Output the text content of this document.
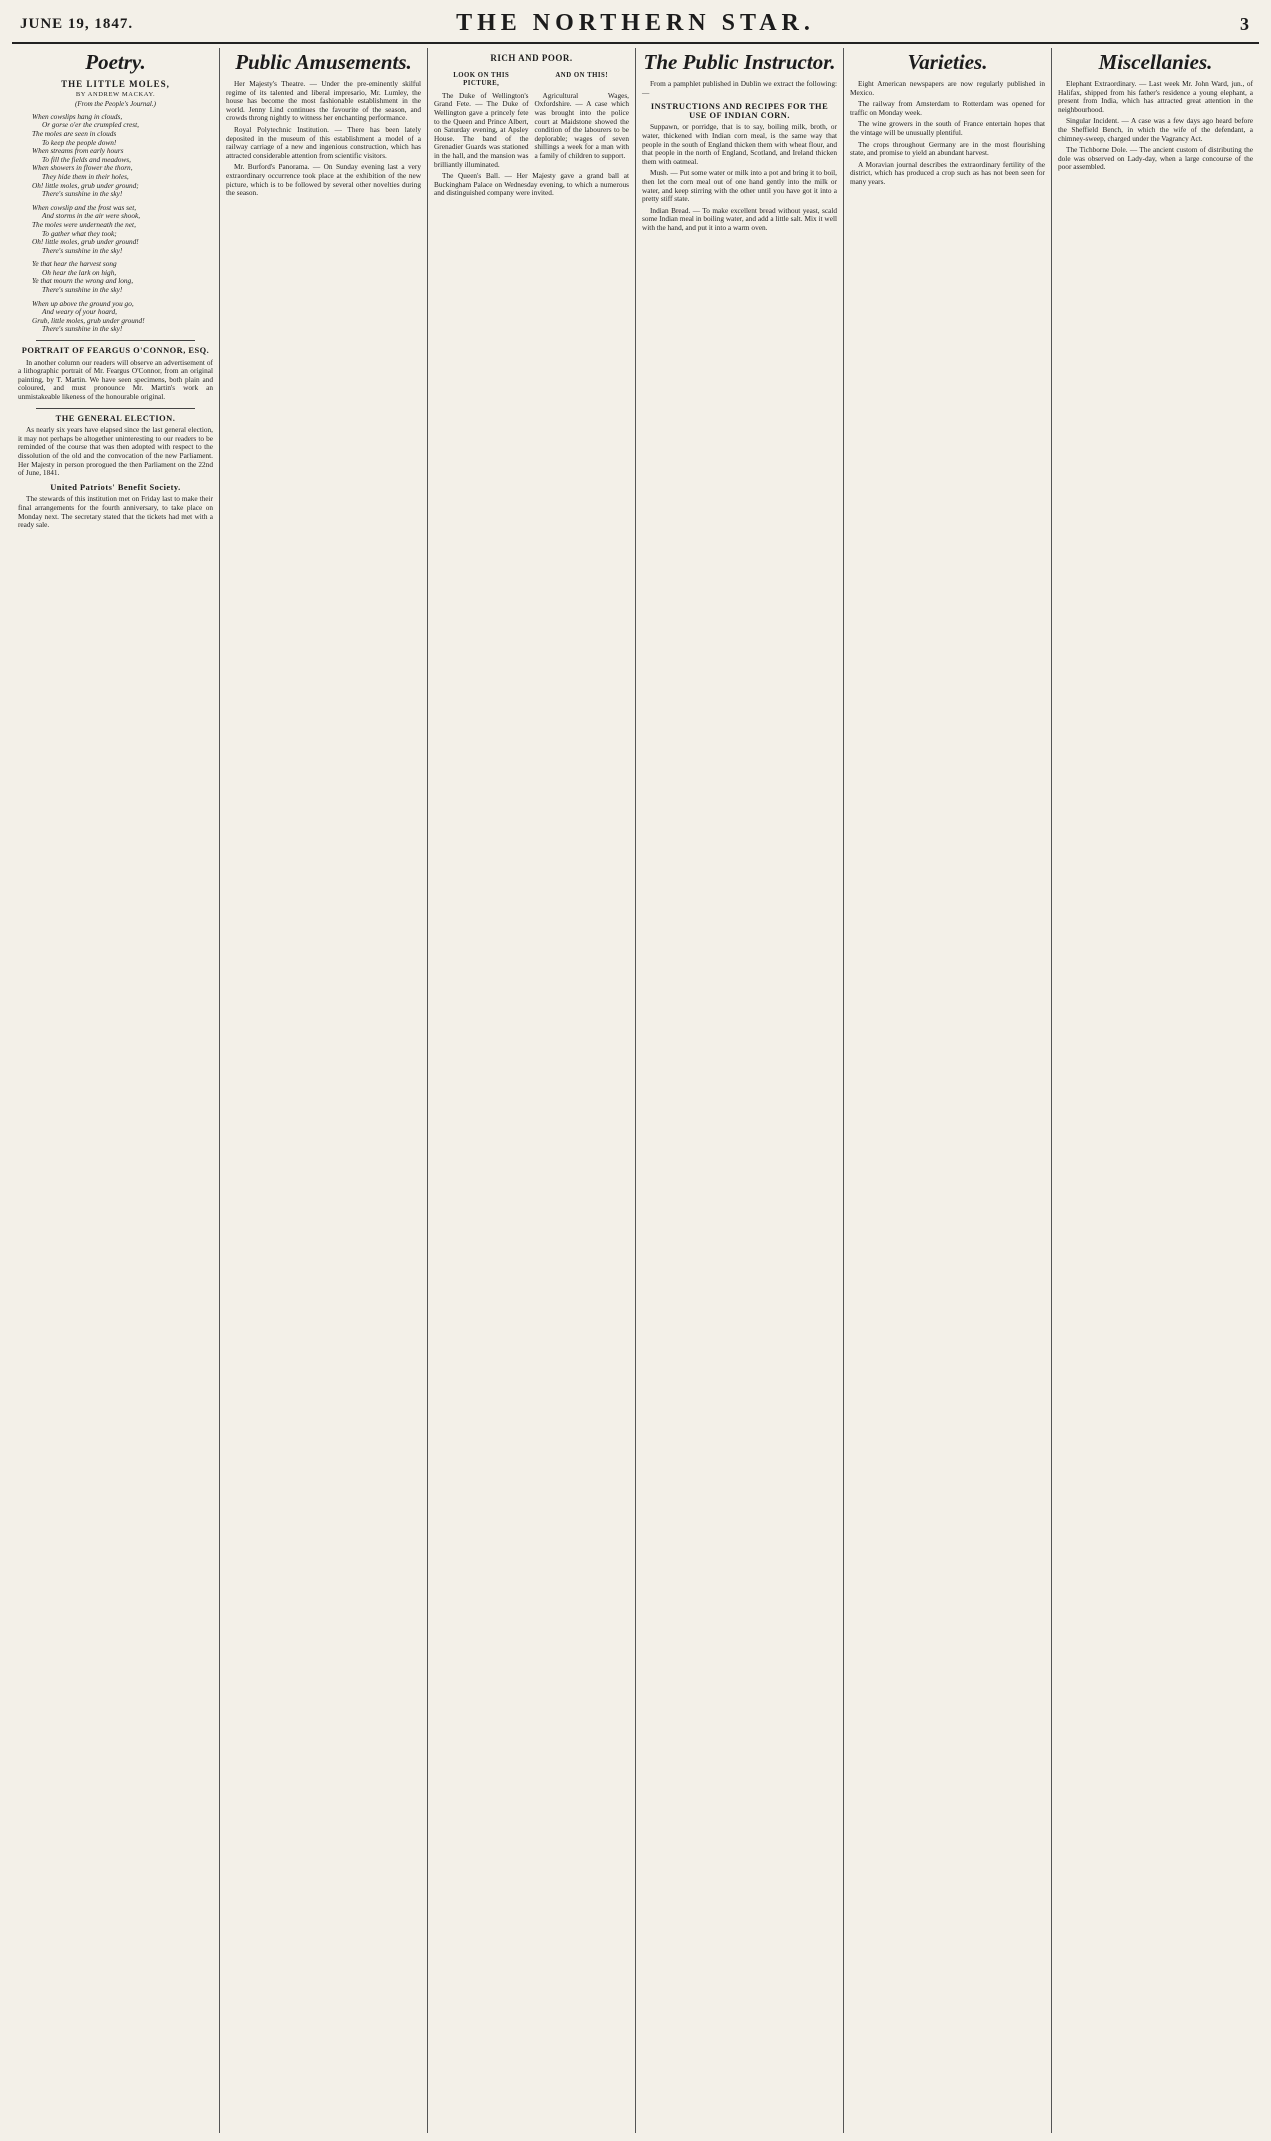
JUNE 19, 1847.	THE NORTHERN STAR.	3
Poetry.
THE LITTLE MOLES,
BY ANDREW MACKAY.
(From the People's Journal.)
When cowslips hang in clouds,
Or gorse o'er the crumpled crest,
The moles are seen in clouds
To keep the people down!
When streams from early hours
To fill the fields and meadows,
When showers in flower the thorn,
They hide them in their holes,
Oh! little moles, grub under ground;
There's sunshine in the sky!
When cowslip and the frost was set,
And storms in the air were shook,
The moles were underneath the net,
To gather what they took;
Oh! little moles, grub under ground!
There's sunshine in the sky!
Ye that hear the harvest song
Oh hear the lark on high,
Ye that mourn the wrong and long,
There's sunshine in the sky!
When up above the ground you go,
And weary of your hoard,
Grub, little moles, grub under ground!
There's sunshine in the sky!
PORTRAIT OF FEARGUS O'CONNOR, ESQ.

In another column our readers will observe an advertisement of a lithographic portrait of Mr. Feargus O'Connor, from an original painting, by T. Martin. We have seen specimens, both plain and coloured, and must pronounce Mr. Martin's work an unmistakeable likeness of the honourable original.

THE GENERAL ELECTION.

As nearly six years have elapsed since the last general election, it may not perhaps be altogether uninteresting to our readers to be reminded of the course that was then adopted with respect to the dissolution of the old and the convocation of the new Parliament. Her Majesty in person prorogued the then Parliament on the 22nd of June, 1841.

United Patriots' Benefit Society.

The stewards of this institution met on Friday last to make their final arrangements for the fourth anniversary, to take place on Monday next. The secretary stated that the tickets had met with a ready sale.

Public Amusements.

Her Majesty's Theatre. — Under the pre-eminently skilful regime of its talented and liberal impresario, Mr. Lumley, the house has become the most fashionable establishment in the world. Jenny Lind continues the favourite of the season, and crowds throng nightly to witness her enchanting performance.

Royal Polytechnic Institution. — There has been lately deposited in the museum of this establishment a model of a railway carriage of a new and ingenious construction, which has attracted considerable attention from scientific visitors.

Mr. Burford's Panorama. — On Sunday evening last a very extraordinary occurrence took place at the exhibition of the new picture, which is to be followed by several other novelties during the season.

RICH AND POOR.
LOOK ON THIS PICTURE,
AND ON THIS!

The Duke of Wellington's Grand Fete. — The Duke of Wellington gave a princely fete to the Queen and Prince Albert, on Saturday evening, at Apsley House. The band of the Grenadier Guards was stationed in the hall, and the mansion was brilliantly illuminated.

Agricultural Wages, Oxfordshire. — A case which was brought into the police court at Maidstone showed the condition of the labourers to be deplorable; wages of seven shillings a week for a man with a family of children to support.

The Queen's Ball. — Her Majesty gave a grand ball at Buckingham Palace on Wednesday evening, to which a numerous and distinguished company were invited.

The Public Instructor.

From a pamphlet published in Dublin we extract the following:—

INSTRUCTIONS AND RECIPES FOR THE USE OF INDIAN CORN.

Suppawn, or porridge, that is to say, boiling milk, broth, or water, thickened with Indian corn meal, is the same way that people in the south of England thicken them with wheat flour, and that people in the north of England, Scotland, and Ireland thicken them with oatmeal.

Mush. — Put some water or milk into a pot and bring it to boil, then let the corn meal out of one hand gently into the milk or water, and keep stirring with the other until you have got it into a pretty stiff state.

Indian Bread. — To make excellent bread without yeast, scald some Indian meal in boiling water, and add a little salt. Mix it well with the hand, and put it into a warm oven.

Varieties.

Eight American newspapers are now regularly published in Mexico.

The railway from Amsterdam to Rotterdam was opened for traffic on Monday week.

The wine growers in the south of France entertain hopes that the vintage will be unusually plentiful.

The crops throughout Germany are in the most flourishing state, and promise to yield an abundant harvest.

A Moravian journal describes the extraordinary fertility of the district, which has produced a crop such as has not been seen for many years.

Miscellanies.

Elephant Extraordinary. — Last week Mr. John Ward, jun., of Halifax, shipped from his father's residence a young elephant, a present from India, which has attracted great attention in the neighbourhood.

Singular Incident. — A case was a few days ago heard before the Sheffield Bench, in which the wife of the defendant, a chimney-sweep, charged under the Vagrancy Act.

The Tichborne Dole. — The ancient custom of distributing the dole was observed on Lady-day, when a large concourse of the poor assembled.
